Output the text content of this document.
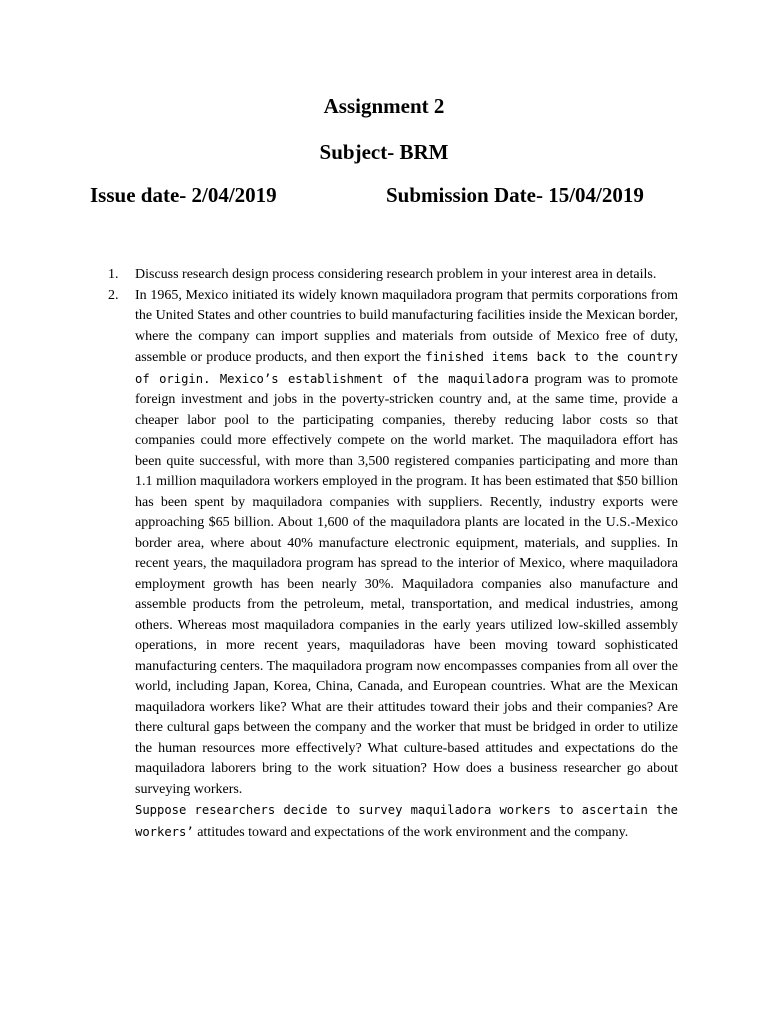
Assignment 2
Subject- BRM
Issue date- 2/04/2019	Submission Date- 15/04/2019
1. Discuss research design process considering research problem in your interest area in details.
2. In 1965, Mexico initiated its widely known maquiladora program that permits corporations from the United States and other countries to build manufacturing facilities inside the Mexican border, where the company can import supplies and materials from outside of Mexico free of duty, assemble or produce products, and then export the finished items back to the country of origin. Mexico’s establishment of the maquiladora program was to promote foreign investment and jobs in the poverty-stricken country and, at the same time, provide a cheaper labor pool to the participating companies, thereby reducing labor costs so that companies could more effectively compete on the world market. The maquiladora effort has been quite successful, with more than 3,500 registered companies participating and more than 1.1 million maquiladora workers employed in the program. It has been estimated that $50 billion has been spent by maquiladora companies with suppliers. Recently, industry exports were approaching $65 billion. About 1,600 of the maquiladora plants are located in the U.S.-Mexico border area, where about 40% manufacture electronic equipment, materials, and supplies. In recent years, the maquiladora program has spread to the interior of Mexico, where maquiladora employment growth has been nearly 30%. Maquiladora companies also manufacture and assemble products from the petroleum, metal, transportation, and medical industries, among others. Whereas most maquiladora companies in the early years utilized low-skilled assembly operations, in more recent years, maquiladoras have been moving toward sophisticated manufacturing centers. The maquiladora program now encompasses companies from all over the world, including Japan, Korea, China, Canada, and European countries. What are the Mexican maquiladora workers like? What are their attitudes toward their jobs and their companies? Are there cultural gaps between the company and the worker that must be bridged in order to utilize the human resources more effectively? What culture-based attitudes and expectations do the maquiladora laborers bring to the work situation? How does a business researcher go about surveying workers.
Suppose researchers decide to survey maquiladora workers to ascertain the workers’ attitudes toward and expectations of the work environment and the company.
